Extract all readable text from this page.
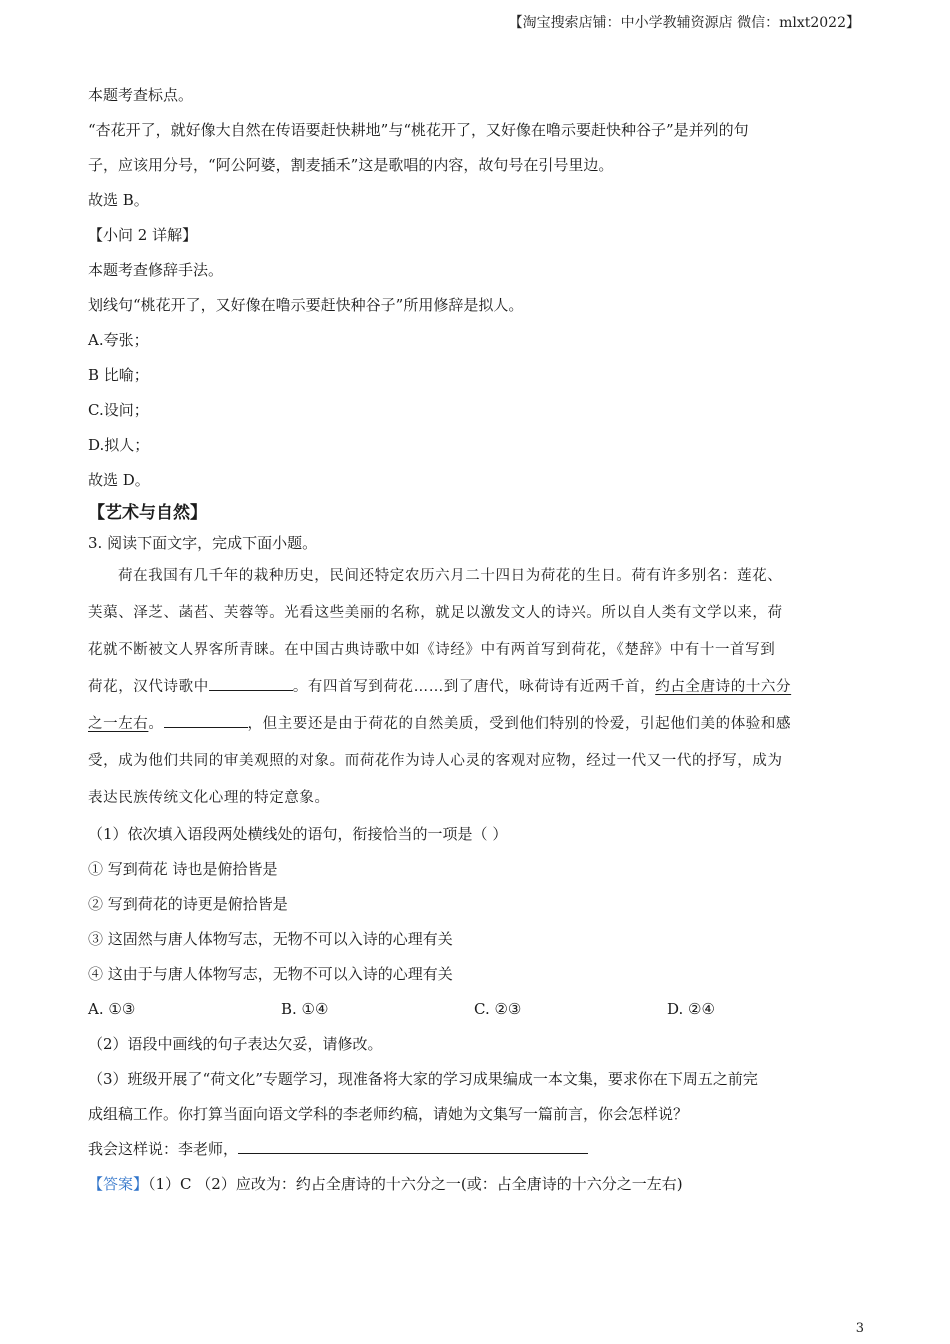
【淘宝搜索店铺：中小学教辅资源店 微信：mlxt2022】
本题考查标点。
“杏花开了，就好像大自然在传语要赶快耕地”与“桃花开了，又好像在噜示要赶快种谷子”是并列的句
子，应该用分号，“阿公阿婆，割麦插禾”这是歌唱的内容，故句号在引号里边。
故选 B。
【小问 2 详解】
本题考查修辞手法。
划线句“桃花开了，又好像在噜示要赶快种谷子”所用修辞是拟人。
A.夸张；
B 比喻；
C.设问；
D.拟人；
故选 D。
【艺术与自然】
3. 阅读下面文字，完成下面小题。
荷在我国有几千年的栽种历史，民间还特定农历六月二十四日为荷花的生日。荷有许多别名：莲花、
芙蕖、泽芝、菡萏、芙蓉等。光看这些美丽的名称，就足以激发文人的诗兴。所以自人类有文学以来，荷
花就不断被文人界客所青睐。在中国古典诗歌中如《诗经》中有两首写到荷花，《楚辞》中有十一首写到
荷花，汉代诗歌中	。有四首写到荷花……到了唐代，咏荷诗有近两千首，约占全唐诗的十六分
之一左右。	，但主要还是由于荷花的自然美质，受到他们特别的怜爱，引起他们美的体验和感
受，成为他们共同的审美观照的对象。而荷花作为诗人心灵的客观对应物，经过一代又一代的抒写，成为
表达民族传统文化心理的特定意象。
（1）依次填入语段两处横线处的语句，衔接恰当的一项是（ ）
① 写到荷花 诗也是俯拾皆是
② 写到荷花的诗更是俯拾皆是
③ 这固然与唐人体物写志，无物不可以入诗的心理有关
④ 这由于与唐人体物写志，无物不可以入诗的心理有关
A. ①③	B. ①④	C. ②③	D. ②④
（2）语段中画线的句子表达欠妥，请修改。
（3）班级开展了“荷文化”专题学习，现准备将大家的学习成果编成一本文集，要求你在下周五之前完
成组稿工作。你打算当面向语文学科的李老师约稿，请她为文集写一篇前言，你会怎样说？
我会这样说：李老师，
【答案】（1）C （2）应改为：约占全唐诗的十六分之一(或：占全唐诗的十六分之一左右)
3
